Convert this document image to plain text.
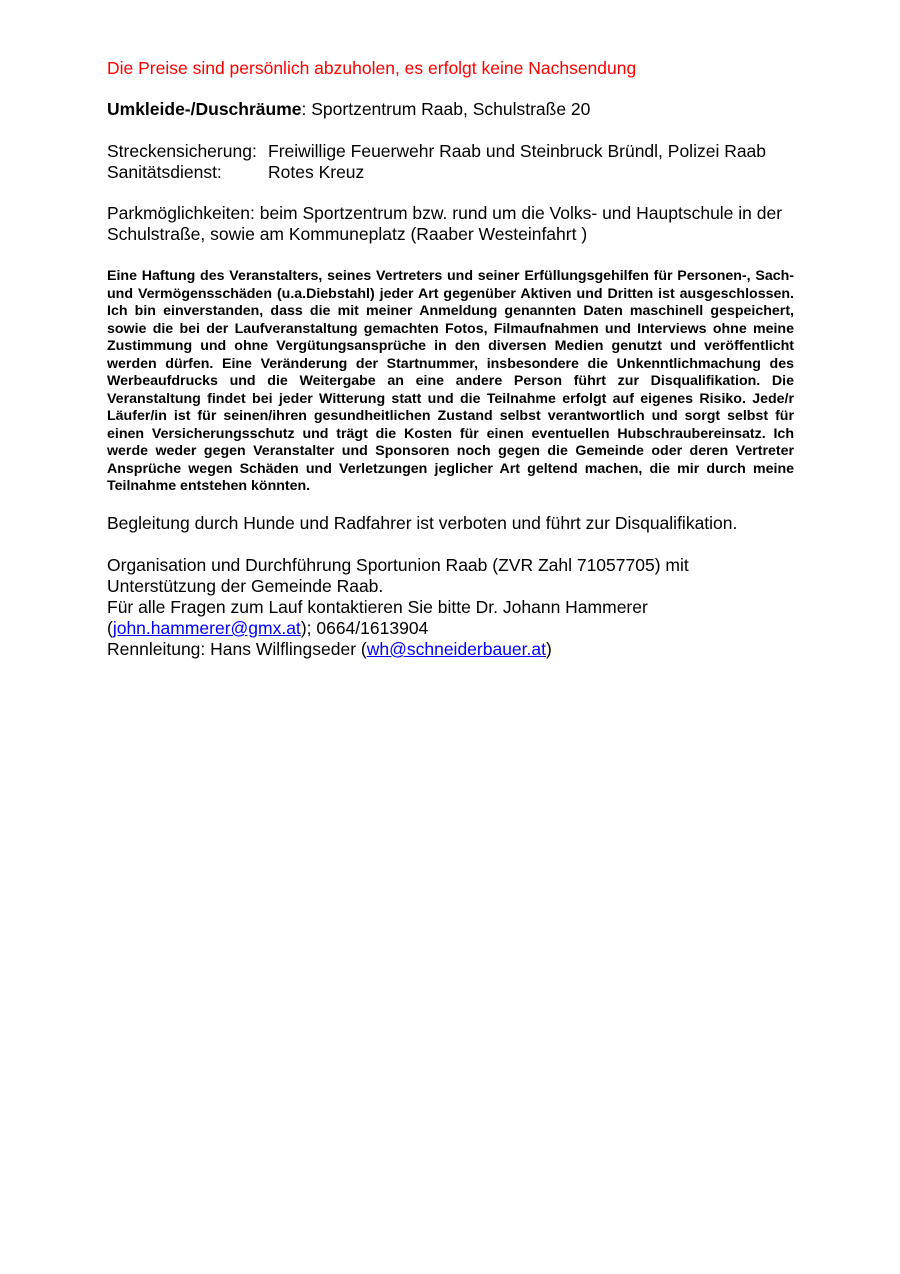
Die Preise sind persönlich abzuholen, es erfolgt keine Nachsendung
Umkleide-/Duschräume: Sportzentrum Raab, Schulstraße 20
Streckensicherung: Freiwillige Feuerwehr Raab und Steinbruck Bründl, Polizei Raab
Sanitätsdienst:	Rotes Kreuz
Parkmöglichkeiten: beim Sportzentrum bzw. rund um die Volks- und Hauptschule in der Schulstraße, sowie am Kommuneplatz (Raaber Westeinfahrt )
Eine Haftung des Veranstalters, seines Vertreters und seiner Erfüllungsgehilfen für Personen-, Sach- und Vermögensschäden (u.a.Diebstahl) jeder Art gegenüber Aktiven und Dritten ist ausgeschlossen. Ich bin einverstanden, dass die mit meiner Anmeldung genannten Daten maschinell gespeichert, sowie die bei der Laufveranstaltung gemachten Fotos, Filmaufnahmen und Interviews ohne meine Zustimmung und ohne Vergütungsansprüche in den diversen Medien genutzt und veröffentlicht werden dürfen. Eine Veränderung der Startnummer, insbesondere die Unkenntlichmachung des Werbeaufdrucks und die Weitergabe an eine andere Person führt zur Disqualifikation. Die Veranstaltung findet bei jeder Witterung statt und die Teilnahme erfolgt auf eigenes Risiko. Jede/r Läufer/in ist für seinen/ihren gesundheitlichen Zustand selbst verantwortlich und sorgt selbst für einen Versicherungsschutz und trägt die Kosten für einen eventuellen Hubschraubereinsatz. Ich werde weder gegen Veranstalter und Sponsoren noch gegen die Gemeinde oder deren Vertreter Ansprüche wegen Schäden und Verletzungen jeglicher Art geltend machen, die mir durch meine Teilnahme entstehen könnten.
Begleitung durch Hunde und Radfahrer ist verboten und führt zur Disqualifikation.
Organisation und Durchführung Sportunion Raab (ZVR Zahl 71057705) mit
Unterstützung der Gemeinde Raab.
Für alle Fragen zum Lauf kontaktieren Sie bitte Dr. Johann Hammerer
(john.hammerer@gmx.at); 0664/1613904
Rennleitung: Hans Wilflingseder (wh@schneiderbauer.at)
